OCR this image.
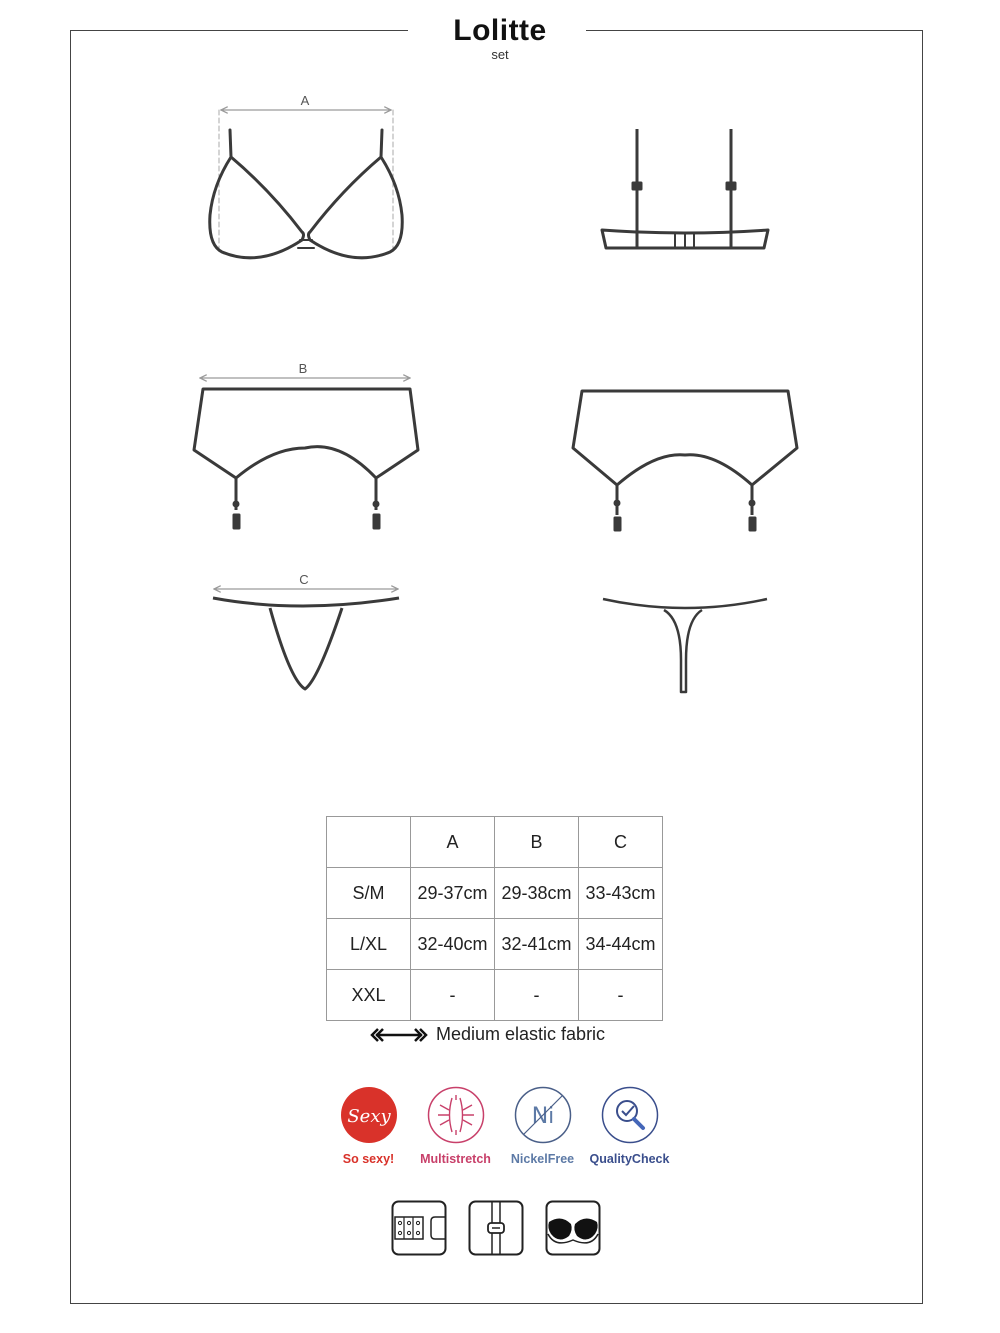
Lolitte
set
A
B
C
	A	B	C
S/M	29-37cm	29-38cm	33-43cm
L/XL	32-40cm	32-41cm	34-44cm
XXL	-	-	-
Medium elastic fabric
Sexy
So sexy! Multistretch
Ni
NickelFree QualityCheck
